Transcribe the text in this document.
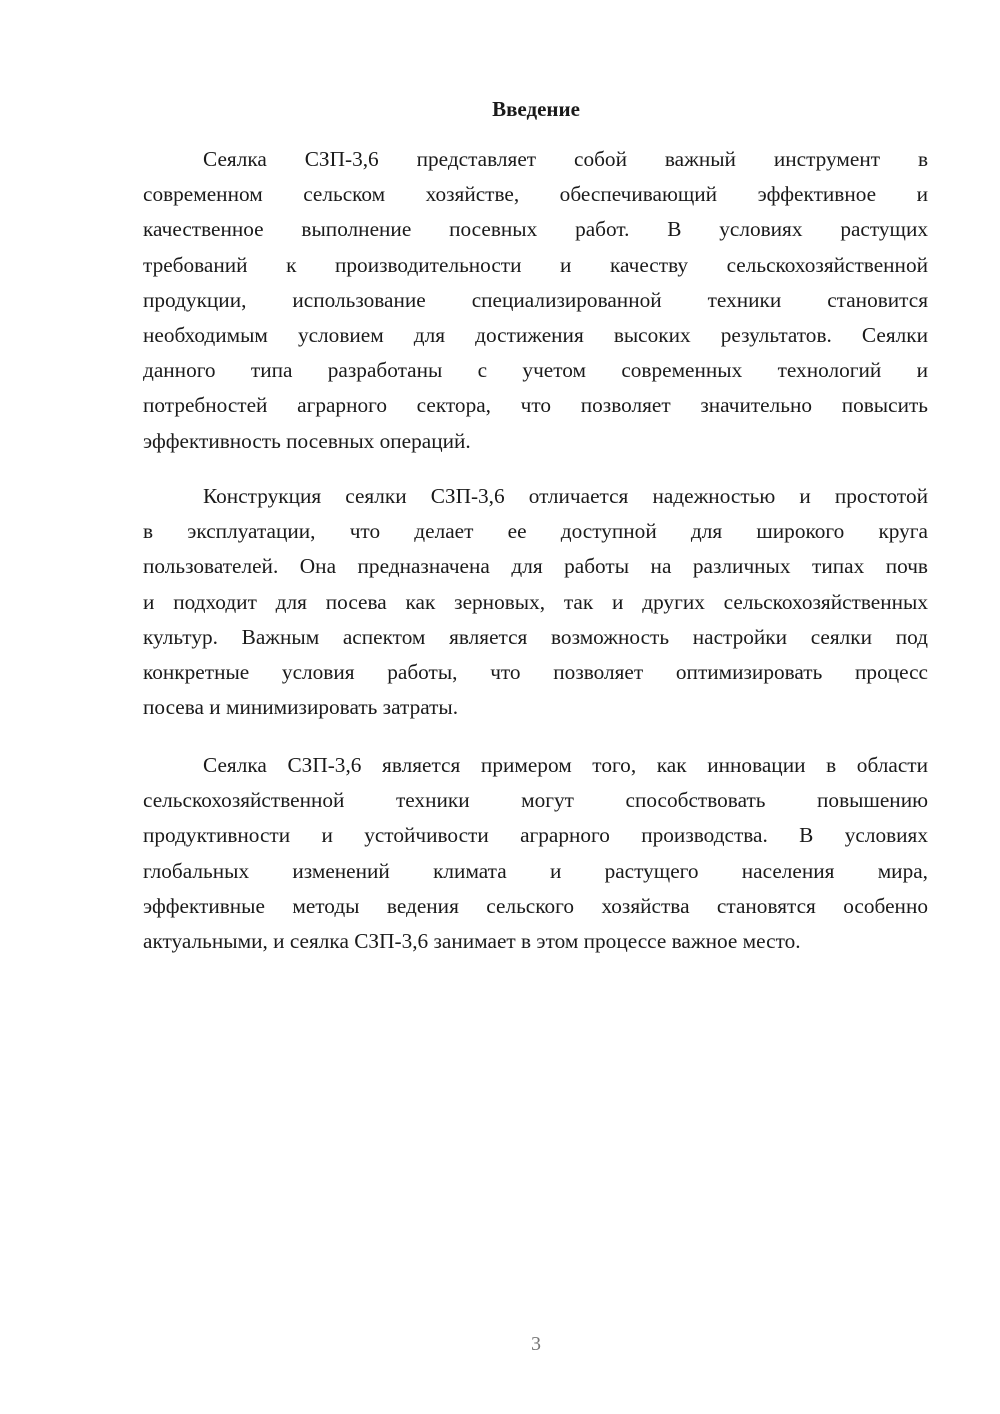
Введение
Сеялка СЗП-3,6 представляет собой важный инструмент в
современном сельском хозяйстве, обеспечивающий эффективное и
качественное выполнение посевных работ. В условиях растущих
требований к производительности и качеству сельскохозяйственной
продукции, использование специализированной техники становится
необходимым условием для достижения высоких результатов. Сеялки
данного типа разработаны с учетом современных технологий и
потребностей аграрного сектора, что позволяет значительно повысить
эффективность посевных операций.
Конструкция сеялки СЗП-3,6 отличается надежностью и простотой
в эксплуатации, что делает ее доступной для широкого круга
пользователей. Она предназначена для работы на различных типах почв
и подходит для посева как зерновых, так и других сельскохозяйственных
культур. Важным аспектом является возможность настройки сеялки под
конкретные условия работы, что позволяет оптимизировать процесс
посева и минимизировать затраты.
Сеялка СЗП-3,6 является примером того, как инновации в области
сельскохозяйственной техники могут способствовать повышению
продуктивности и устойчивости аграрного производства. В условиях
глобальных изменений климата и растущего населения мира,
эффективные методы ведения сельского хозяйства становятся особенно
актуальными, и сеялка СЗП-3,6 занимает в этом процессе важное место.
3
